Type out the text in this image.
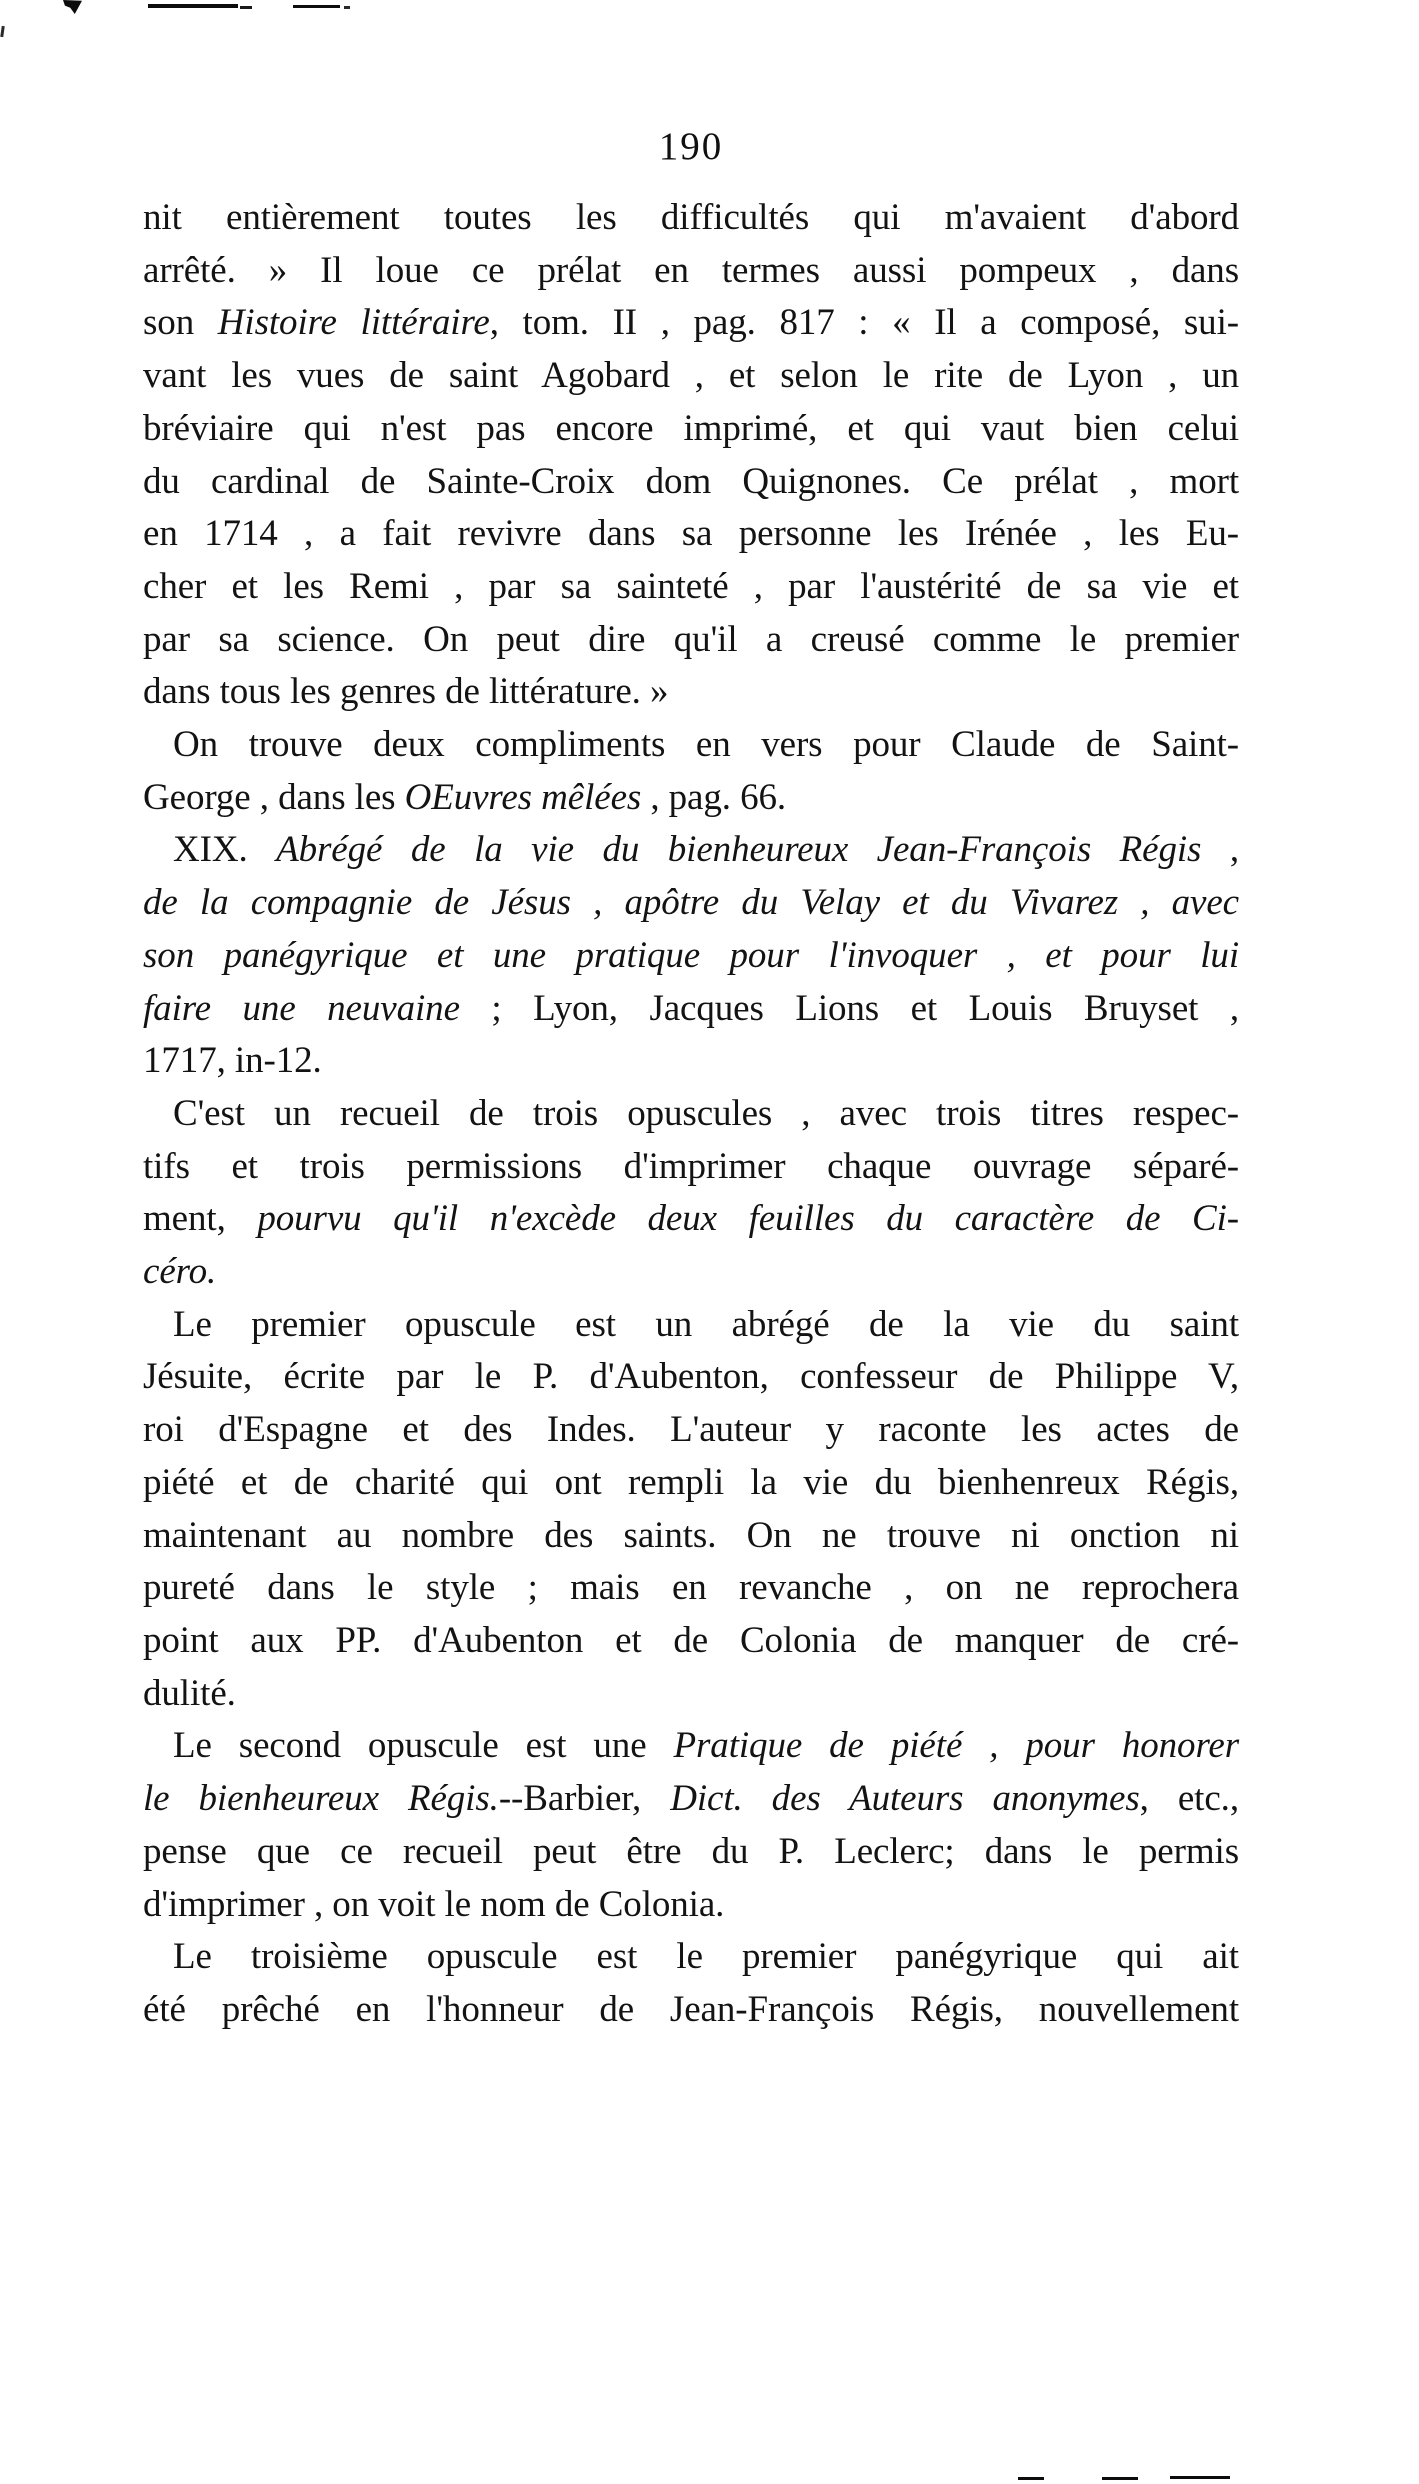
190
nit entièrement toutes les difficultés qui m'avaient d'abord
arrêté. » Il loue ce prélat en termes aussi pompeux , dans
son Histoire littéraire, tom. II , pag. 817 : « Il a composé, sui-
vant les vues de saint Agobard , et selon le rite de Lyon , un
bréviaire qui n'est pas encore imprimé, et qui vaut bien celui
du cardinal de Sainte-Croix dom Quignones. Ce prélat , mort
en 1714 , a fait revivre dans sa personne les Irénée , les Eu-
cher et les Remi , par sa sainteté , par l'austérité de sa vie et
par sa science. On peut dire qu'il a creusé comme le premier
dans tous les genres de littérature. »
On trouve deux compliments en vers pour Claude de Saint-
George , dans les OEuvres mêlées , pag. 66.
XIX. Abrégé de la vie du bienheureux Jean-François Régis ,
de la compagnie de Jésus , apôtre du Velay et du Vivarez , avec
son panégyrique et une pratique pour l'invoquer , et pour lui
faire une neuvaine ; Lyon, Jacques Lions et Louis Bruyset ,
1717, in-12.
C'est un recueil de trois opuscules , avec trois titres respec-
tifs et trois permissions d'imprimer chaque ouvrage séparé-
ment, pourvu qu'il n'excède deux feuilles du caractère de Ci-
céro.
Le premier opuscule est un abrégé de la vie du saint
Jésuite, écrite par le P. d'Aubenton, confesseur de Philippe V,
roi d'Espagne et des Indes. L'auteur y raconte les actes de
piété et de charité qui ont rempli la vie du bienhenreux Régis,
maintenant au nombre des saints. On ne trouve ni onction ni
pureté dans le style ; mais en revanche , on ne reprochera
point aux PP. d'Aubenton et de Colonia de manquer de cré-
dulité.
Le second opuscule est une Pratique de piété , pour honorer
le bienheureux Régis.--Barbier, Dict. des Auteurs anonymes, etc.,
pense que ce recueil peut être du P. Leclerc; dans le permis
d'imprimer , on voit le nom de Colonia.
Le troisième opuscule est le premier panégyrique qui ait
été prêché en l'honneur de Jean-François Régis, nouvellement
